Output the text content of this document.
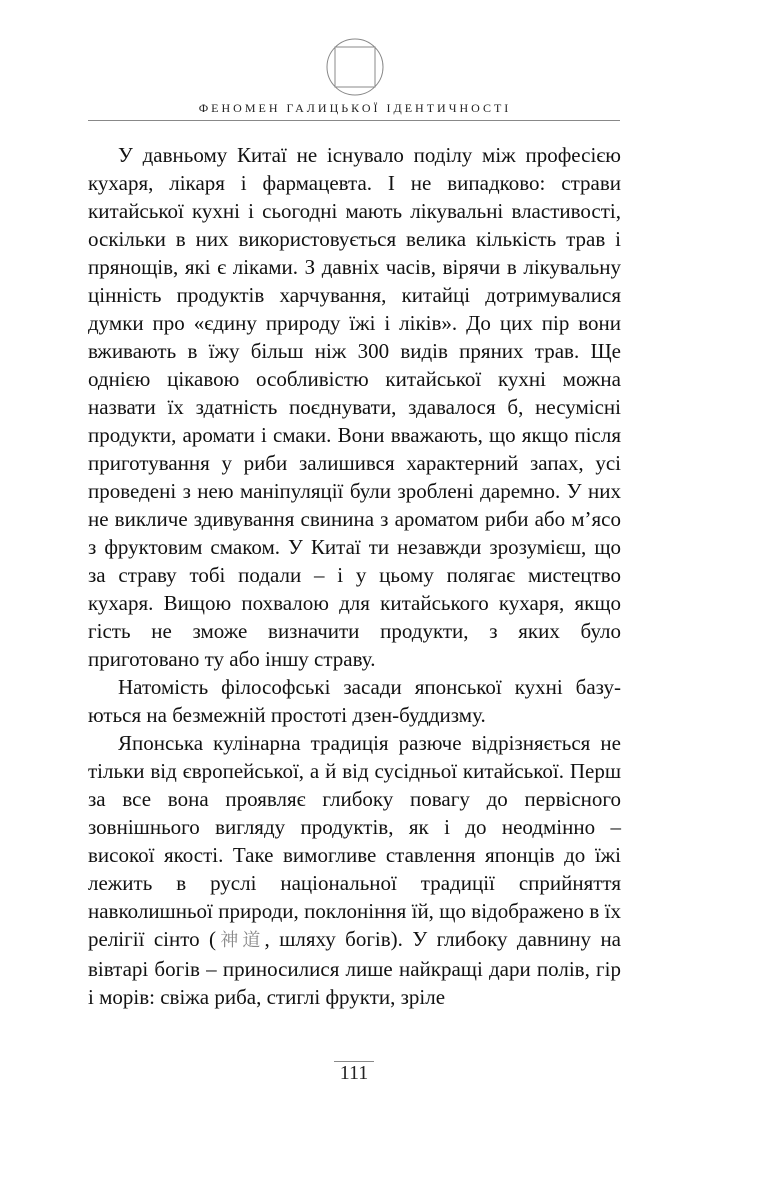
ФЕНОМЕН ГАЛИЦЬКОЇ ІДЕНТИЧНОСТІ

У давньому Китаї не існувало поділу між професією кухаря, лікаря і фармацевта. І не випадково: страви китайської кухні і сьогодні мають лікувальні властивості, оскільки в них використовується велика кількість трав і прянощів, які є ліками. З давніх часів, вірячи в лікувальну цінність продуктів харчування, китайці дотримувалися думки про «єдину природу їжі і ліків». До цих пір вони вживають в їжу більш ніж 300 видів пряних трав. Ще однією цікавою особливістю китайської кухні можна назвати їх здатність поєднувати, здавалося б, несумісні продукти, аромати і смаки. Вони вважають, що якщо після приготування у риби залишився характерний запах, усі проведені з нею маніпуляції були зроблені даремно. У них не викличе здивування свинина з ароматом риби або м’ясо з фруктовим смаком. У Китаї ти незавжди зрозумієш, що за страву тобі подали – і у цьому полягає мистецтво кухаря. Вищою похвалою для китайського кухаря, якщо гість не зможе визначити продукти, з яких було приготовано ту або іншу страву.

Натомість філософські засади японської кухні базуються на безмежній простоті дзен-буддизму.

Японська кулінарна традиція разюче відрізняється не тільки від європейської, а й від сусідньої китайської. Перш за все вона проявляє глибоку повагу до первісного зовнішнього вигляду продуктів, як і до неодмінно – високої якості. Таке вимогливе ставлення японців до їжі лежить в руслі національної традиції сприйняття навколишньої природи, поклоніння їй, що відображено в їх релігії сінто (神道, шляху богів). У глибоку давнину на вівтарі богів – приносилися лише найкращі дари полів, гір і морів: свіжа риба, стиглі фрукти, зріле

111
